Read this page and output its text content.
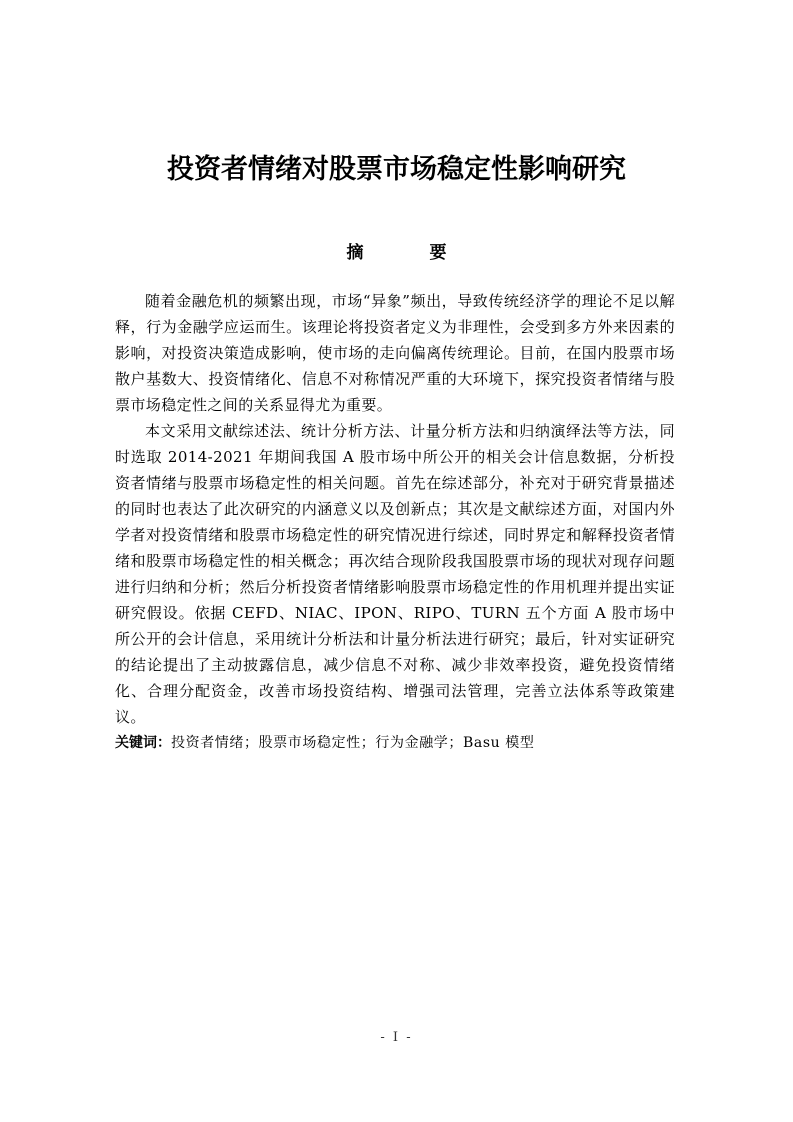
投资者情绪对股票市场稳定性影响研究
摘 要

随着金融危机的频繁出现，市场“异象”频出，导致传统经济学的理论不足以解释，行为金融学应运而生。该理论将投资者定义为非理性，会受到多方外来因素的影响，对投资决策造成影响，使市场的走向偏离传统理论。目前，在国内股票市场散户基数大、投资情绪化、信息不对称情况严重的大环境下，探究投资者情绪与股票市场稳定性之间的关系显得尤为重要。

本文采用文献综述法、统计分析方法、计量分析方法和归纳演绎法等方法，同时选取 2014-2021 年期间我国 A 股市场中所公开的相关会计信息数据，分析投资者情绪与股票市场稳定性的相关问题。首先在综述部分，补充对于研究背景描述的同时也表达了此次研究的内涵意义以及创新点；其次是文献综述方面，对国内外学者对投资情绪和股票市场稳定性的研究情况进行综述，同时界定和解释投资者情绪和股票市场稳定性的相关概念；再次结合现阶段我国股票市场的现状对现存问题进行归纳和分析；然后分析投资者情绪影响股票市场稳定性的作用机理并提出实证研究假设。依据 CEFD、NIAC、IPON、RIPO、TURN 五个方面 A 股市场中所公开的会计信息，采用统计分析法和计量分析法进行研究；最后，针对实证研究的结论提出了主动披露信息，减少信息不对称、减少非效率投资，避免投资情绪化、合理分配资金，改善市场投资结构、增强司法管理，完善立法体系等政策建议。

关键词：投资者情绪；股票市场稳定性；行为金融学；Basu 模型
- I -
